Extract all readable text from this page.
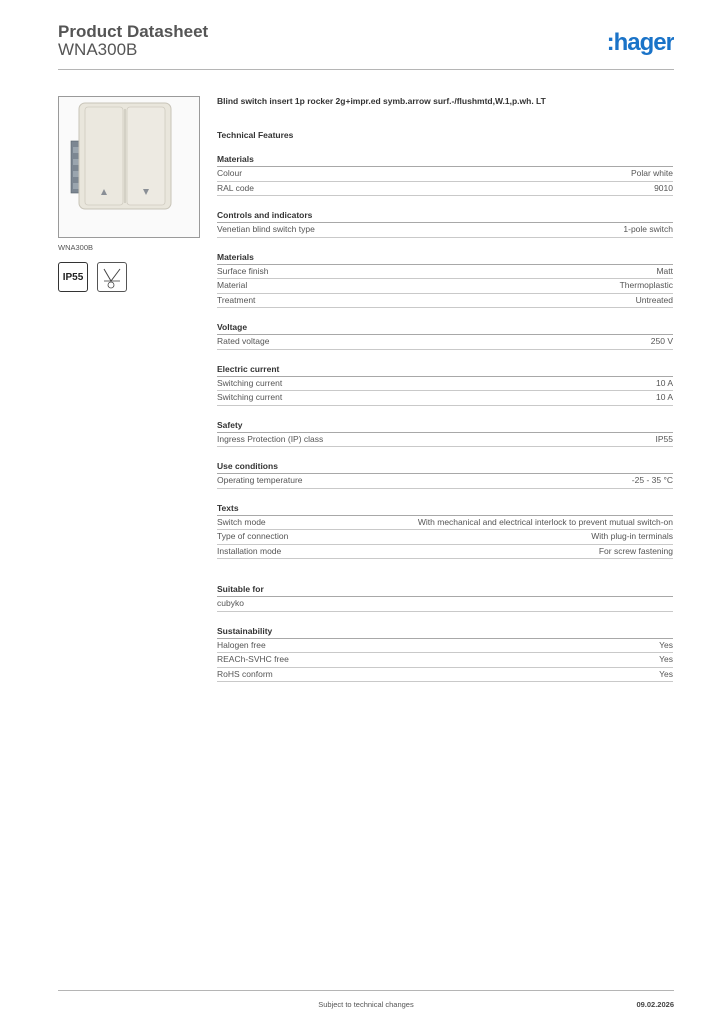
Product Datasheet
WNA300B	:hager
WNA300B
IP55
Blind switch insert 1p rocker 2g+impr.ed symb.arrow surf.-/flushmtd,W.1,p.wh. LT
Technical Features
Materials
Colour	Polar white
RAL code	9010
Controls and indicators
Venetian blind switch type	1-pole switch
Materials
Surface finish	Matt
Material	Thermoplastic
Treatment	Untreated
Voltage
Rated voltage	250 V
Electric current
Switching current	10 A
Switching current	10 A
Safety
Ingress Protection (IP) class	IP55
Use conditions
Operating temperature	-25 - 35 °C
Texts
Switch mode	With mechanical and electrical interlock to prevent mutual switch-on
Type of connection	With plug-in terminals
Installation mode	For screw fastening
Suitable for
cubyko
Sustainability
Halogen free	Yes
REACh-SVHC free	Yes
RoHS conform	Yes
Subject to technical changes	09.02.2026
